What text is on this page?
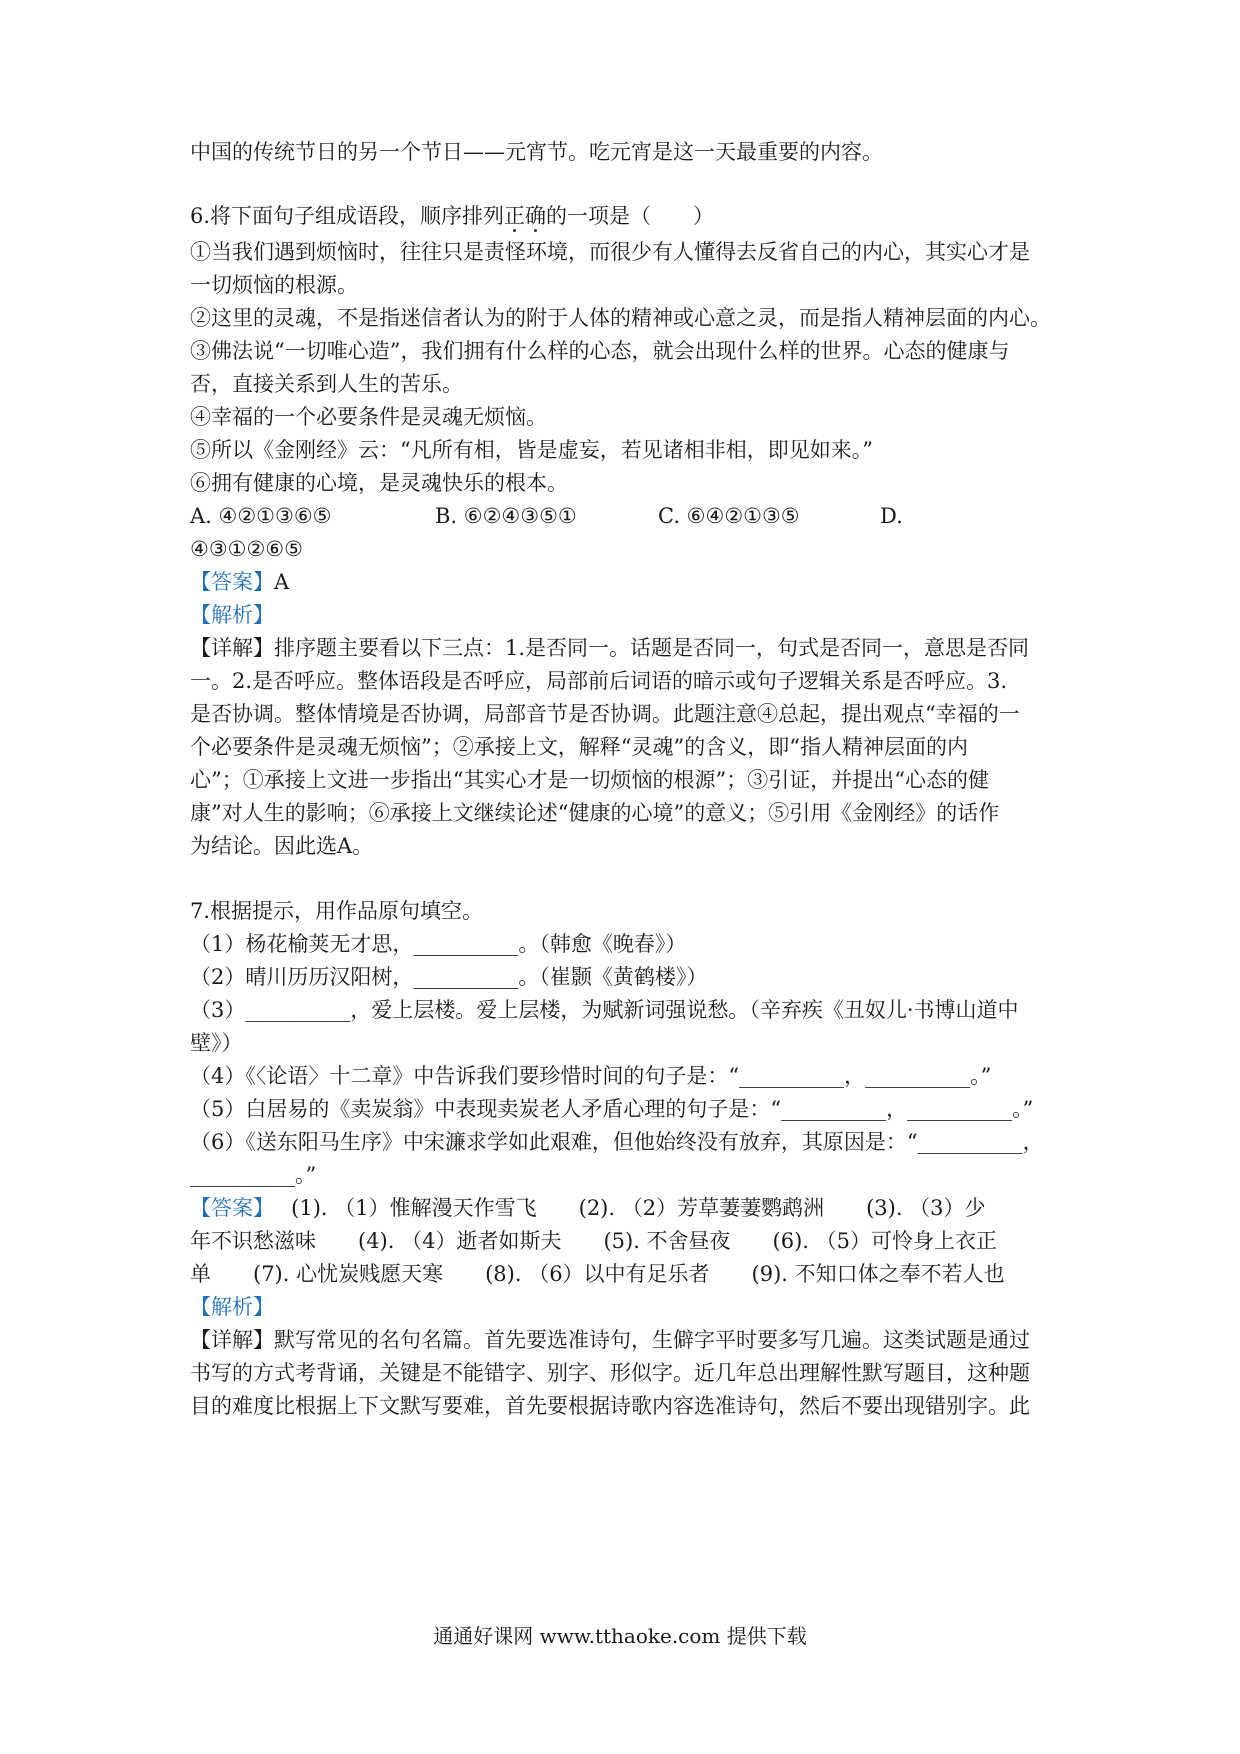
中国的传统节日的另一个节日——元宵节。吃元宵是这一天最重要的内容。
6.将下面句子组成语段，顺序排列正确的一项是（　　）
①当我们遇到烦恼时，往往只是责怪环境，而很少有人懂得去反省自己的内心，其实心才是
一切烦恼的根源。
②这里的灵魂，不是指迷信者认为的附于人体的精神或心意之灵，而是指人精神层面的内心。
③佛法说“一切唯心造”，我们拥有什么样的心态，就会出现什么样的世界。心态的健康与
否，直接关系到人生的苦乐。
④幸福的一个必要条件是灵魂无烦恼。
⑤所以《金刚经》云：“凡所有相，皆是虚妄，若见诸相非相，即见如来。”
⑥拥有健康的心境，是灵魂快乐的根本。
A. ④②①③⑥⑤	B. ⑥②④③⑤①	C. ⑥④②①③⑤	D.
④③①②⑥⑤
【答案】A
【解析】
【详解】排序题主要看以下三点：1.是否同一。话题是否同一，句式是否同一，意思是否同
一。2.是否呼应。整体语段是否呼应，局部前后词语的暗示或句子逻辑关系是否呼应。3.
是否协调。整体情境是否协调，局部音节是否协调。此题注意④总起，提出观点“幸福的一
个必要条件是灵魂无烦恼”；②承接上文，解释“灵魂”的含义，即“指人精神层面的内
心”；①承接上文进一步指出“其实心才是一切烦恼的根源”；③引证，并提出“心态的健
康”对人生的影响；⑥承接上文继续论述“健康的心境”的意义；⑤引用《金刚经》的话作
为结论。因此选A。
7.根据提示，用作品原句填空。
（1）杨花榆荚无才思，__________。（韩愈《晚春》）
（2）晴川历历汉阳树，__________。（崔颢《黄鹤楼》）
（3）__________，爱上层楼。爱上层楼，为赋新词强说愁。（辛弃疾《丑奴儿·书博山道中
壁》）
（4）《〈论语〉十二章》中告诉我们要珍惜时间的句子是：“__________，__________。”
（5）白居易的《卖炭翁》中表现卖炭老人矛盾心理的句子是：“__________，__________。”
（6）《送东阳马生序》中宋濂求学如此艰难，但他始终没有放弃，其原因是：“__________，
__________。”
【答案】　 (1). （1）惟解漫天作雪飞　　(2). （2）芳草萋萋鹦鹉洲　　(3). （3）少
年不识愁滋味　　(4). （4）逝者如斯夫　　(5). 不舍昼夜　　(6). （5）可怜身上衣正
单　　(7). 心忧炭贱愿天寒　　(8). （6）以中有足乐者　　(9). 不知口体之奉不若人也
【解析】
【详解】默写常见的名句名篇。首先要选准诗句，生僻字平时要多写几遍。这类试题是通过
书写的方式考背诵，关键是不能错字、别字、形似字。近几年总出理解性默写题目，这种题
目的难度比根据上下文默写要难，首先要根据诗歌内容选准诗句，然后不要出现错别字。此
通通好课网 www.tthaoke.com 提供下载
